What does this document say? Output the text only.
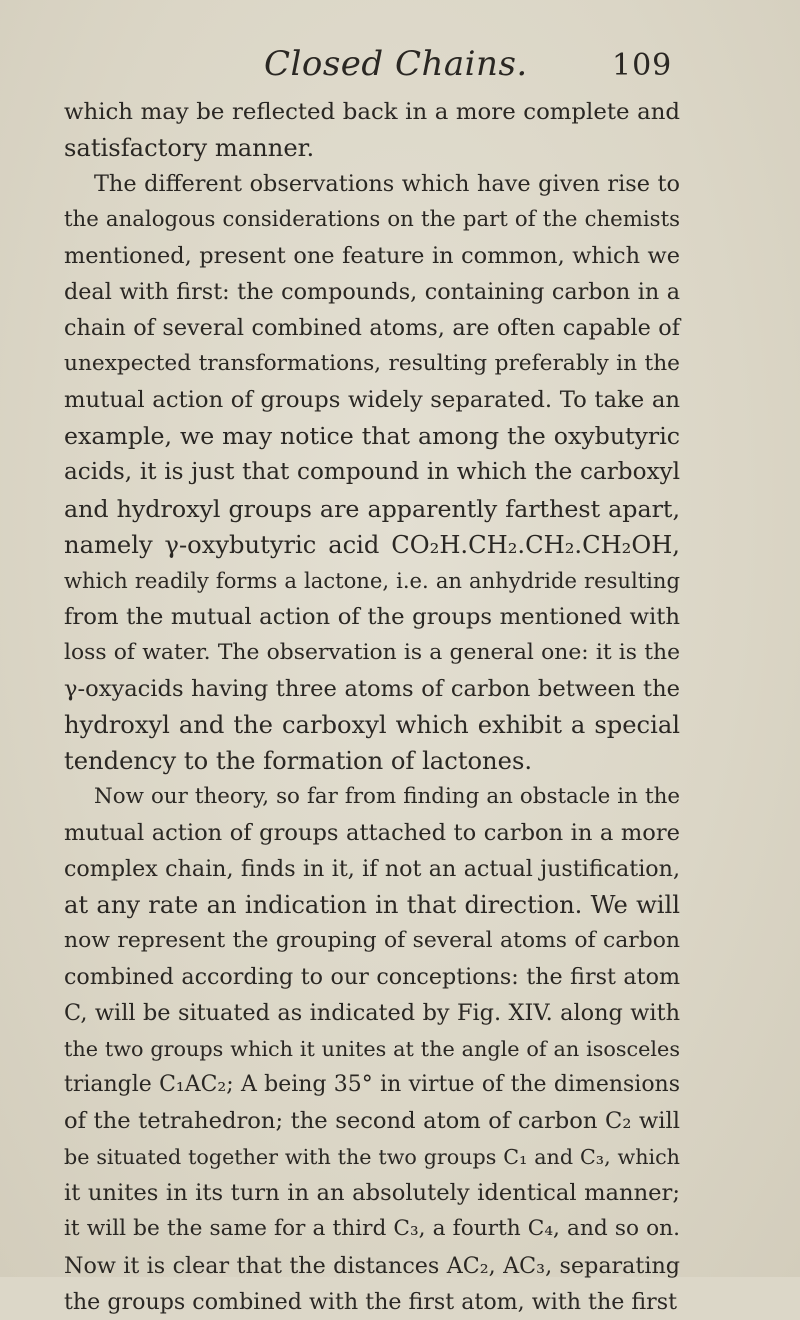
Closed Chains.	109
which may be reflected back in a more complete and
satisfactory manner.
The different observations which have given rise to
the analogous considerations on the part of the chemists
mentioned, present one feature in common, which we
deal with first: the compounds, containing carbon in a
chain of several combined atoms, are often capable of
unexpected transformations, resulting preferably in the
mutual action of groups widely separated. To take an
example, we may notice that among the oxybutyric
acids, it is just that compound in which the carboxyl
and hydroxyl groups are apparently farthest apart,
namely γ-oxybutyric acid CO₂H.CH₂.CH₂.CH₂OH,
which readily forms a lactone, i.e. an anhydride resulting
from the mutual action of the groups mentioned with
loss of water. The observation is a general one: it is the
γ-oxyacids having three atoms of carbon between the
hydroxyl and the carboxyl which exhibit a special
tendency to the formation of lactones.
Now our theory, so far from finding an obstacle in the
mutual action of groups attached to carbon in a more
complex chain, finds in it, if not an actual justification,
at any rate an indication in that direction. We will
now represent the grouping of several atoms of carbon
combined according to our conceptions: the first atom
C, will be situated as indicated by Fig. XIV. along with
the two groups which it unites at the angle of an isosceles
triangle C₁AC₂; A being 35° in virtue of the dimensions
of the tetrahedron; the second atom of carbon C₂ will
be situated together with the two groups C₁ and C₃, which
it unites in its turn in an absolutely identical manner;
it will be the same for a third C₃, a fourth C₄, and so on.
Now it is clear that the distances AC₂, AC₃, separating
the groups combined with the first atom, with the first
